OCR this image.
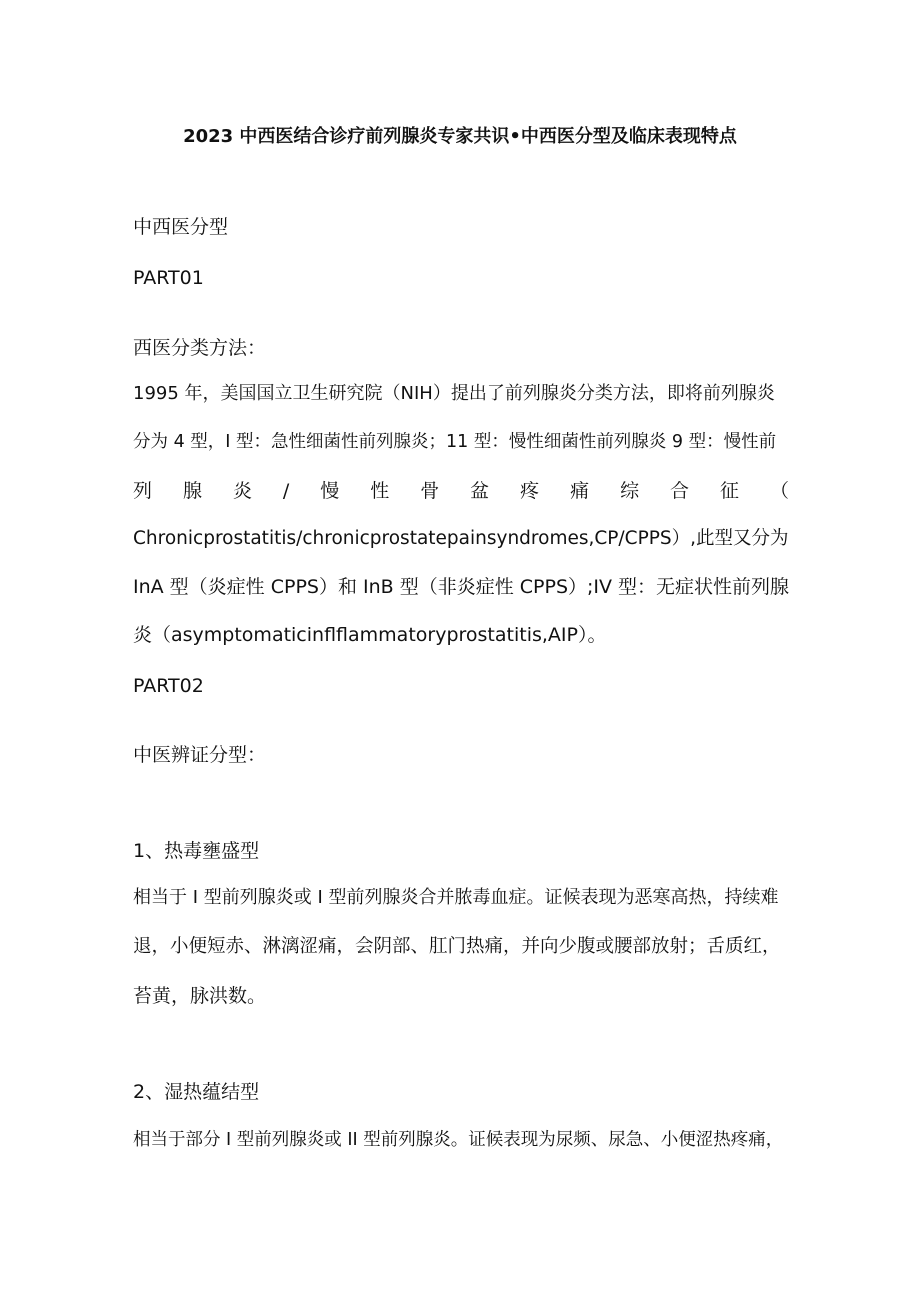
2023 中西医结合诊疗前列腺炎专家共识•中西医分型及临床表现特点
中西医分型
PART01
西医分类方法：
1995 年，美国国立卫生研究院（NIH）提出了前列腺炎分类方法，即将前列腺炎
分为 4 型，I 型：急性细菌性前列腺炎；11 型：慢性细菌性前列腺炎 9 型：慢性前
列 腺 炎 / 慢 性 骨 盆 疼 痛 综 合 征 （
Chronicprostatitis/chronicprostatepainsyndromes,CP/CPPS）,此型又分为
InA 型（炎症性 CPPS）和 InB 型（非炎症性 CPPS）;IV 型：无症状性前列腺
炎（asymptomaticinflflammatoryprostatitis,AIP）。
PART02
中医辨证分型：
1、热毒壅盛型
相当于 I 型前列腺炎或 I 型前列腺炎合并脓毒血症。证候表现为恶寒高热，持续难
退，小便短赤、淋漓涩痛，会阴部、肛门热痛，并向少腹或腰部放射；舌质红，
苔黄，脉洪数。
2、湿热蕴结型
相当于部分 I 型前列腺炎或 II 型前列腺炎。证候表现为尿频、尿急、小便涩热疼痛，
